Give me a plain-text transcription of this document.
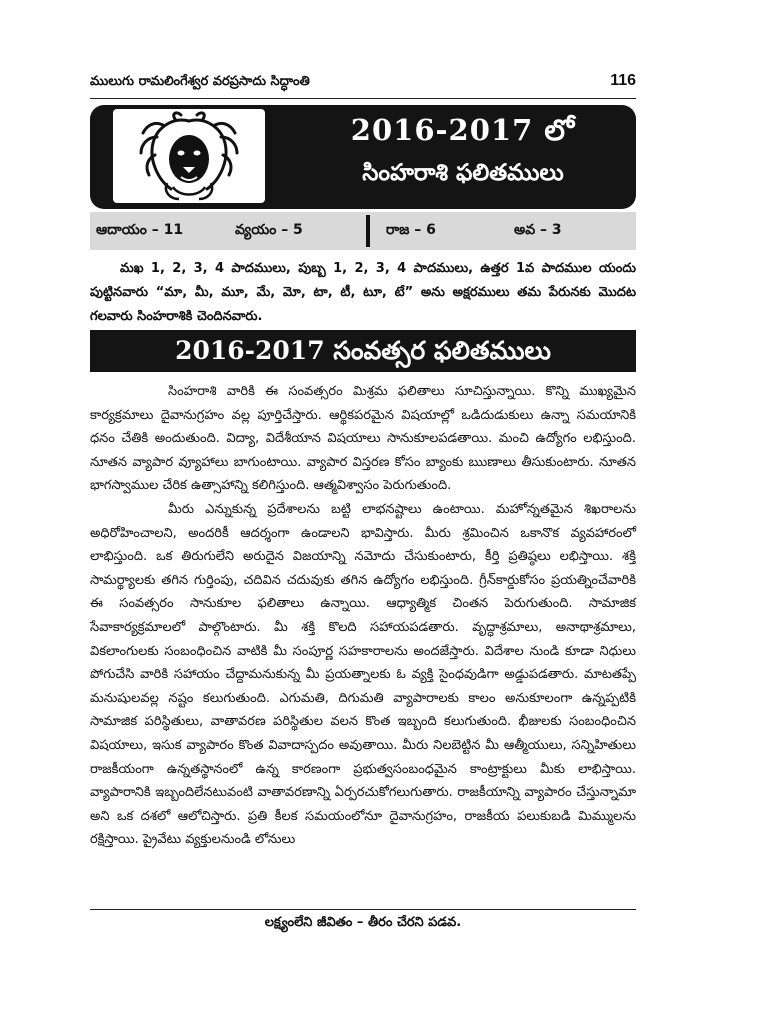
ములుగు రామలింగేశ్వర వరప్రసాదు సిద్ధాంతి	116
2016-2017 లో
సింహరాశి ఫలితములు
ఆదాయం – 11	వ్యయం – 5	రాజ – 6	అవ – 3
మఖ 1, 2, 3, 4 పాదములు, పుబ్బ 1, 2, 3, 4 పాదములు, ఉత్తర 1వ పాదముల యందు పుట్టినవారు “మా, మీ, మూ, మే, మో, టా, టీ, టూ, టే” అను అక్షరములు తమ పేరునకు మొదట గలవారు సింహరాశికి చెందినవారు.
2016-2017 సంవత్సర ఫలితములు

సింహరాశి వారికి ఈ సంవత్సరం మిశ్రమ ఫలితాలు సూచిస్తున్నాయి. కొన్ని ముఖ్యమైన కార్యక్రమాలు దైవానుగ్రహం వల్ల పూర్తిచేస్తారు. ఆర్థికపరమైన విషయాల్లో ఒడిదుడుకులు ఉన్నా సమయానికి ధనం చేతికి అందుతుంది. విద్యా, విదేశీయాన విషయాలు సానుకూలపడతాయి. మంచి ఉద్యోగం లభిస్తుంది. నూతన వ్యాపార వ్యూహాలు బాగుంటాయి. వ్యాపార విస్తరణ కోసం బ్యాంకు ఋణాలు తీసుకుంటారు. నూతన భాగస్వాముల చేరిక ఉత్సాహాన్ని కలిగిస్తుంది. ఆత్మవిశ్వాసం పెరుగుతుంది.

మీరు ఎన్నుకున్న ప్రదేశాలను బట్టి లాభనష్టాలు ఉంటాయి. మహోన్నతమైన శిఖరాలను అధిరోహించాలని, అందరికీ ఆదర్శంగా ఉండాలని భావిస్తారు. మీరు శ్రమించిన ఒకానొక వ్యవహారంలో లాభిస్తుంది. ఒక తిరుగులేని అరుదైన విజయాన్ని నమోదు చేసుకుంటారు, కీర్తి ప్రతిష్ఠలు లభిస్తాయి. శక్తి సామర్థ్యాలకు తగిన గుర్తింపు, చదివిన చదువుకు తగిన ఉద్యోగం లభిస్తుంది. గ్రీన్‌కార్డుకోసం ప్రయత్నించేవారికి ఈ సంవత్సరం సానుకూల ఫలితాలు ఉన్నాయి. ఆధ్యాత్మిక చింతన పెరుగుతుంది. సామాజిక సేవాకార్యక్రమాలలో పాల్గొంటారు. మీ శక్తి కొలది సహాయపడతారు. వృద్ధాశ్రమాలు, అనాథాశ్రమాలు, వికలాంగులకు సంబంధించిన వాటికి మీ సంపూర్ణ సహకారాలను అందజేస్తారు. విదేశాల నుండి కూడా నిధులు పోగుచేసి వారికి సహాయం చేద్దామనుకున్న మీ ప్రయత్నాలకు ఓ వ్యక్తి సైంధవుడిగా అడ్డుపడతారు. మాటతప్పే మనుషులవల్ల నష్టం కలుగుతుంది. ఎగుమతి, దిగుమతి వ్యాపారాలకు కాలం అనుకూలంగా ఉన్నప్పటికి సామాజిక పరిస్థితులు, వాతావరణ పరిస్థితుల వలన కొంత ఇబ్బంది కలుగుతుంది. భీజులకు సంబంధించిన విషయాలు, ఇసుక వ్యాపారం కొంత వివాదాస్పదం అవుతాయి. మీరు నిలబెట్టిన మీ ఆత్మీయులు, సన్నిహితులు రాజకీయంగా ఉన్నతస్థానంలో ఉన్న కారణంగా ప్రభుత్వసంబంధమైన కాంట్రాక్టులు మీకు లాభిస్తాయి. వ్యాపారానికి ఇబ్బందిలేనటువంటి వాతావరణాన్ని ఏర్పరచుకోగలుగుతారు. రాజకీయాన్ని వ్యాపారం చేస్తున్నామా అని ఒక దశలో ఆలోచిస్తారు. ప్రతి కీలక సమయంలోనూ దైవానుగ్రహం, రాజకీయ పలుకుబడి మిమ్ములను రక్షిస్తాయి. ప్రైవేటు వ్యక్తులనుండి లోనులు

లక్ష్యంలేని జీవితం – తీరం చేరని పడవ.
